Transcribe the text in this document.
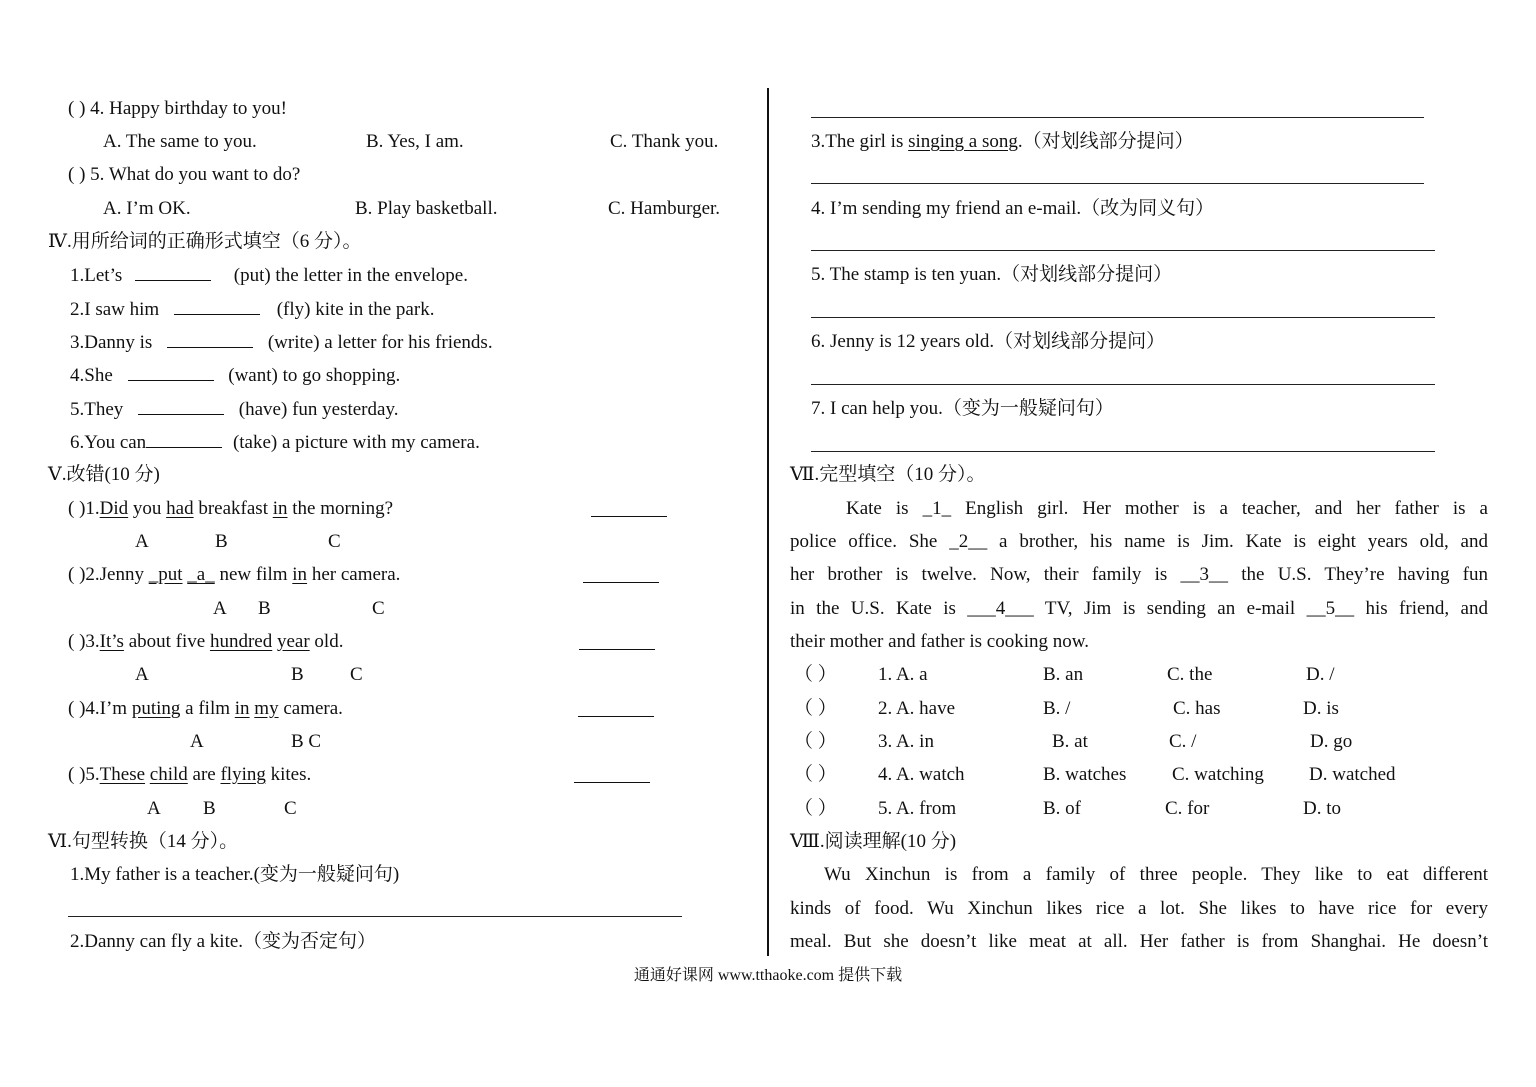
( ) 4. Happy birthday to you!
A. The same to you.	B. Yes, I am.	C. Thank you.
( ) 5. What do you want to do?
A. I’m OK.	B. Play basketball.	C. Hamburger.
Ⅳ.用所给词的正确形式填空（6 分）。
1.Let’s	(put) the letter in the envelope.
2.I saw him	(fly) kite in the park.
3.Danny is	(write) a letter for his friends.
4.She	(want) to go shopping.
5.They	(have) fun yesterday.
6.You can	(take) a picture with my camera.
Ⅴ.改错(10 分)
( )1.Did you had breakfast in the morning?
A	B	C
( )2.Jenny _put _a_ new film in her camera.
A B	C
( )3.It’s about five hundred year old.
A	B C
( )4.I’m puting a film in my camera.
A	B C
( )5.These child are flying kites.
A B	C
Ⅵ.句型转换（14 分）。
1.My father is a teacher.(变为一般疑问句)
2.Danny can fly a kite.（变为否定句）
3.The girl is singing a song.（对划线部分提问）
4. I’m sending my friend an e-mail.（改为同义句）
5. The stamp is ten yuan.（对划线部分提问）
6. Jenny is 12 years old.（对划线部分提问）
7. I can help you.（变为一般疑问句）
Ⅶ.完型填空（10 分）。
Kate is _1_ English girl. Her mother is a teacher, and her father is a
police office. She _2__ a brother, his name is Jim. Kate is eight years old, and
her brother is twelve. Now, their family is __3__ the U.S. They’re having fun
in the U.S. Kate is ___4___ TV, Jim is sending an e-mail __5__ his friend, and
their mother and father is cooking now.
（ ） 1. A. a	B. an	C. the	D. /
（ ） 2. A. have	B. /	C. has	D. is
（ ） 3. A. in	B. at	C. /	D. go
（ ） 4. A. watch	B. watches C. watching D. watched
（ ） 5. A. from	B. of	C. for	D. to
Ⅷ.阅读理解(10 分)
Wu Xinchun is from a family of three people. They like to eat different
kinds of food. Wu Xinchun likes rice a lot. She likes to have rice for every
meal. But she doesn’t like meat at all. Her father is from Shanghai. He doesn’t
通通好课网 www.tthaoke.com 提供下载
